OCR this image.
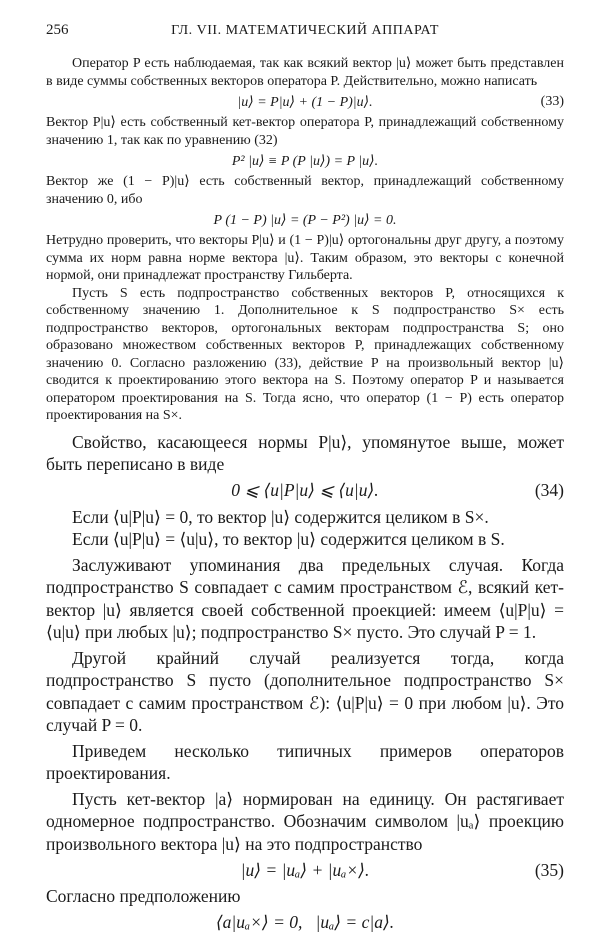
256	ГЛ. VII. МАТЕМАТИЧЕСКИЙ АППАРАТ

Оператор P есть наблюдаемая, так как всякий вектор |u⟩ может быть представлен в виде суммы собственных векторов оператора P. Действительно, можно написать

|u⟩ = P|u⟩ + (1 − P)|u⟩.	(33)

Вектор P|u⟩ есть собственный кет-вектор оператора P, принадлежащий собственному значению 1, так как по уравнению (32)

P² |u⟩ ≡ P (P |u⟩) = P |u⟩.

Вектор же (1 − P)|u⟩ есть собственный вектор, принадлежащий собственному значению 0, ибо

P (1 − P) |u⟩ = (P − P²) |u⟩ = 0.

Нетрудно проверить, что векторы P|u⟩ и (1 − P)|u⟩ ортогональны друг другу, а поэтому сумма их норм равна норме вектора |u⟩. Таким образом, это векторы с конечной нормой, они принадлежат пространству Гильберта.

Пусть S есть подпространство собственных векторов P, относящихся к собственному значению 1. Дополнительное к S подпространство S× есть подпространство векторов, ортогональных векторам подпространства S; оно образовано множеством собственных векторов P, принадлежащих собственному значению 0. Согласно разложению (33), действие P на произвольный вектор |u⟩ сводится к проектированию этого вектора на S. Поэтому оператор P и называется оператором проектирования на S. Тогда ясно, что оператор (1 − P) есть оператор проектирования на S×.

Свойство, касающееся нормы P|u⟩, упомянутое выше, может быть переписано в виде

0 ⩽ ⟨u|P|u⟩ ⩽ ⟨u|u⟩.	(34)

Если ⟨u|P|u⟩ = 0, то вектор |u⟩ содержится целиком в S×.

Если ⟨u|P|u⟩ = ⟨u|u⟩, то вектор |u⟩ содержится целиком в S.

Заслуживают упоминания два предельных случая. Когда подпространство S совпадает с самим пространством ℰ, всякий кет-вектор |u⟩ является своей собственной проекцией: имеем ⟨u|P|u⟩ = ⟨u|u⟩ при любых |u⟩; подпространство S× пусто. Это случай P = 1.

Другой крайний случай реализуется тогда, когда подпространство S пусто (дополнительное подпространство S× совпадает с самим пространством ℰ): ⟨u|P|u⟩ = 0 при любом |u⟩. Это случай P = 0.

Приведем несколько типичных примеров операторов проектирования.

Пусть кет-вектор |a⟩ нормирован на единицу. Он растягивает одномерное подпространство. Обозначим символом |uₐ⟩ проекцию произвольного вектора |u⟩ на это подпространство

|u⟩ = |uₐ⟩ + |uₐ×⟩.	(35)

Согласно предположению

⟨a|uₐ×⟩ = 0,   |uₐ⟩ = c|a⟩.
